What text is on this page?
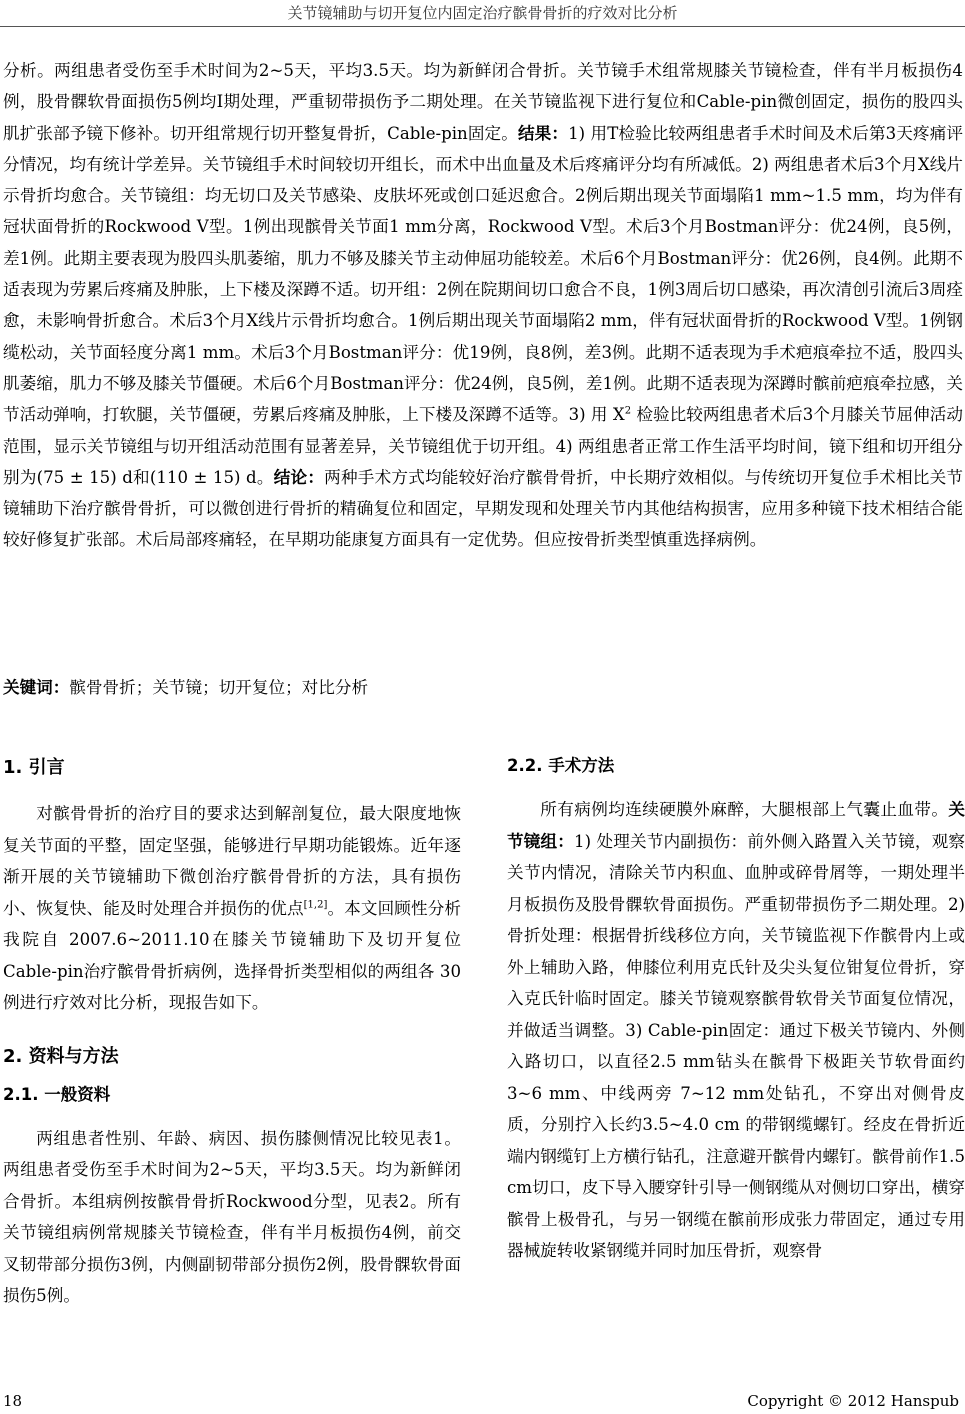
关节镜辅助与切开复位内固定治疗髌骨骨折的疗效对比分析

分析。两组患者受伤至手术时间为2~5天，平均3.5天。均为新鲜闭合骨折。关节镜手术组常规膝关节镜检查，伴有半月板损伤4例，股骨髁软骨面损伤5例均I期处理，严重韧带损伤予二期处理。在关节镜监视下进行复位和Cable-pin微创固定，损伤的股四头肌扩张部予镜下修补。切开组常规行切开整复骨折，Cable-pin固定。结果：1) 用T检验比较两组患者手术时间及术后第3天疼痛评分情况，均有统计学差异。关节镜组手术时间较切开组长，而术中出血量及术后疼痛评分均有所减低。2) 两组患者术后3个月X线片示骨折均愈合。关节镜组：均无切口及关节感染、皮肤坏死或创口延迟愈合。2例后期出现关节面塌陷1 mm~1.5 mm，均为伴有冠状面骨折的Rockwood V型。1例出现髌骨关节面1 mm分离，Rockwood V型。术后3个月Bostman评分：优24例，良5例，差1例。此期主要表现为股四头肌萎缩，肌力不够及膝关节主动伸屈功能较差。术后6个月Bostman评分：优26例，良4例。此期不适表现为劳累后疼痛及肿胀，上下楼及深蹲不适。切开组：2例在院期间切口愈合不良，1例3周后切口感染，再次清创引流后3周痊愈，未影响骨折愈合。术后3个月X线片示骨折均愈合。1例后期出现关节面塌陷2 mm，伴有冠状面骨折的Rockwood V型。1例钢缆松动，关节面轻度分离1 mm。术后3个月Bostman评分：优19例，良8例，差3例。此期不适表现为手术疤痕牵拉不适，股四头肌萎缩，肌力不够及膝关节僵硬。术后6个月Bostman评分：优24例，良5例，差1例。此期不适表现为深蹲时髌前疤痕牵拉感，关节活动弹响，打软腿，关节僵硬，劳累后疼痛及肿胀，上下楼及深蹲不适等。3) 用 $X^2$ 检验比较两组患者术后3个月膝关节屈伸活动范围，显示关节镜组与切开组活动范围有显著差异，关节镜组优于切开组。4) 两组患者正常工作生活平均时间，镜下组和切开组分别为(75 ± 15) d和(110 ± 15) d。结论：两种手术方式均能较好治疗髌骨骨折，中长期疗效相似。与传统切开复位手术相比关节镜辅助下治疗髌骨骨折，可以微创进行骨折的精确复位和固定，早期发现和处理关节内其他结构损害，应用多种镜下技术相结合能较好修复扩张部。术后局部疼痛轻，在早期功能康复方面具有一定优势。但应按骨折类型慎重选择病例。

关键词：髌骨骨折；关节镜；切开复位；对比分析
1. 引言

对髌骨骨折的治疗目的要求达到解剖复位，最大限度地恢复关节面的平整，固定坚强，能够进行早期功能锻炼。近年逐渐开展的关节镜辅助下微创治疗髌骨骨折的方法，具有损伤小、恢复快、能及时处理合并损伤的优点[1,2]。本文回顾性分析我院自 2007.6~2011.10在膝关节镜辅助下及切开复位Cable-pin治疗髌骨骨折病例，选择骨折类型相似的两组各 30 例进行疗效对比分析，现报告如下。

2. 资料与方法
2.1. 一般资料

两组患者性别、年龄、病因、损伤膝侧情况比较见表1。两组患者受伤至手术时间为2~5天，平均3.5天。均为新鲜闭合骨折。本组病例按髌骨骨折Rockwood分型，见表2。所有关节镜组病例常规膝关节镜检查，伴有半月板损伤4例，前交叉韧带部分损伤3例，内侧副韧带部分损伤2例，股骨髁软骨面损伤5例。

2.2. 手术方法

所有病例均连续硬膜外麻醉，大腿根部上气囊止血带。关节镜组：1) 处理关节内副损伤：前外侧入路置入关节镜，观察关节内情况，清除关节内积血、血肿或碎骨屑等，一期处理半月板损伤及股骨髁软骨面损伤。严重韧带损伤予二期处理。2) 骨折处理：根据骨折线移位方向，关节镜监视下作髌骨内上或外上辅助入路，伸膝位利用克氏针及尖头复位钳复位骨折，穿入克氏针临时固定。膝关节镜观察髌骨软骨关节面复位情况，并做适当调整。3) Cable-pin固定：通过下极关节镜内、外侧入路切口，以直径2.5 mm钻头在髌骨下极距关节软骨面约 3~6 mm、中线两旁 7~12 mm处钻孔，不穿出对侧骨皮质，分别拧入长约3.5~4.0 cm 的带钢缆螺钉。经皮在骨折近端内钢缆钉上方横行钻孔，注意避开髌骨内螺钉。髌骨前作1.5 cm切口，皮下导入腰穿针引导一侧钢缆从对侧切口穿出，横穿髌骨上极骨孔，与另一钢缆在髌前形成张力带固定，通过专用器械旋转收紧钢缆并同时加压骨折，观察骨

18	Copyright © 2012 Hanspub
